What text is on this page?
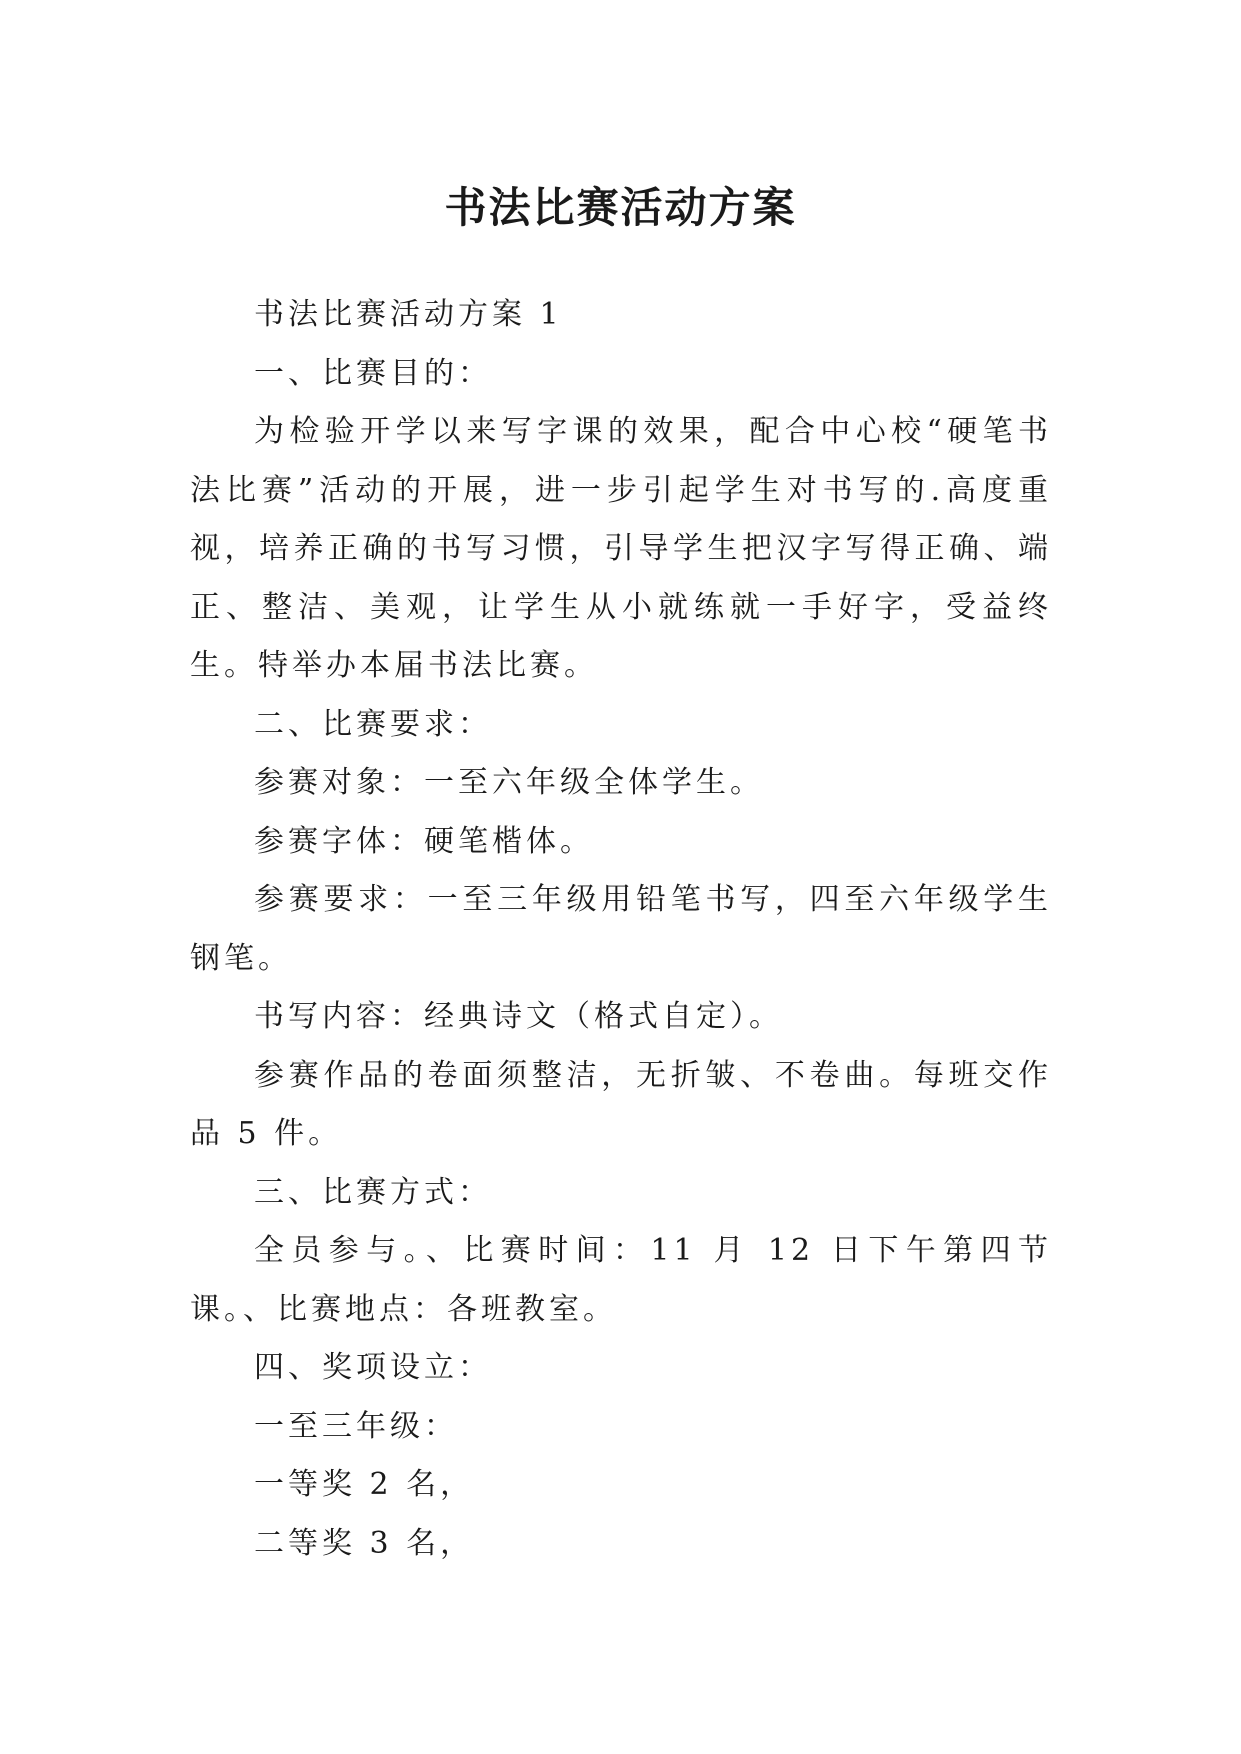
书法比赛活动方案

书法比赛活动方案 1

一、比赛目的：

为检验开学以来写字课的效果，配合中心校“硬笔书法比赛”活动的开展，进一步引起学生对书写的.高度重视，培养正确的书写习惯，引导学生把汉字写得正确、端正、整洁、美观，让学生从小就练就一手好字，受益终生。特举办本届书法比赛。

二、比赛要求：

参赛对象：一至六年级全体学生。

参赛字体：硬笔楷体。

参赛要求：一至三年级用铅笔书写，四至六年级学生钢笔。

书写内容：经典诗文（格式自定）。

参赛作品的卷面须整洁，无折皱、不卷曲。每班交作品 5 件。

三、比赛方式：

全员参与。、比赛时间：11 月 12 日下午第四节课。、比赛地点：各班教室。

四、奖项设立：

一至三年级：

一等奖 2 名，

二等奖 3 名，
